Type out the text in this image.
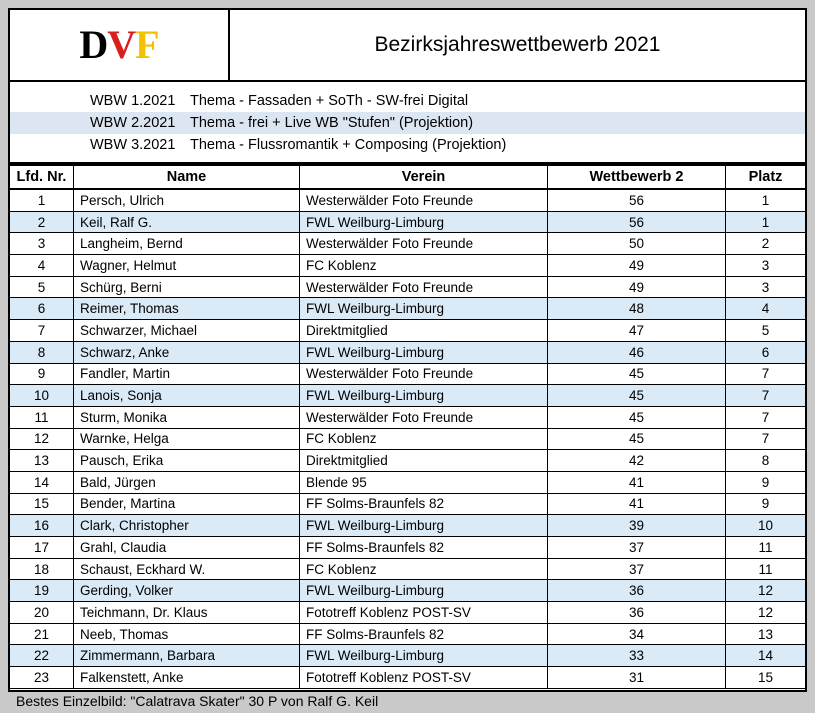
D V F	Bezirksjahreswettbewerb 2021
WBW 1.2021	Thema - Fassaden + SoTh - SW-frei Digital
WBW 2.2021	Thema - frei + Live WB "Stufen" (Projektion)
WBW 3.2021	Thema - Flussromantik + Composing (Projektion)
Lfd. Nr.	Name	Verein	Wettbewerb 2	Platz
1	Persch, Ulrich	Westerwälder Foto Freunde	56	1
2	Keil, Ralf G.	FWL Weilburg-Limburg	56	1
3	Langheim, Bernd	Westerwälder Foto Freunde	50	2
4	Wagner, Helmut	FC Koblenz	49	3
5	Schürg, Berni	Westerwälder Foto Freunde	49	3
6	Reimer, Thomas	FWL Weilburg-Limburg	48	4
7	Schwarzer, Michael	Direktmitglied	47	5
8	Schwarz, Anke	FWL Weilburg-Limburg	46	6
9	Fandler, Martin	Westerwälder Foto Freunde	45	7
10	Lanois, Sonja	FWL Weilburg-Limburg	45	7
11	Sturm, Monika	Westerwälder Foto Freunde	45	7
12	Warnke, Helga	FC Koblenz	45	7
13	Pausch, Erika	Direktmitglied	42	8
14	Bald, Jürgen	Blende 95	41	9
15	Bender, Martina	FF Solms-Braunfels 82	41	9
16	Clark, Christopher	FWL Weilburg-Limburg	39	10
17	Grahl, Claudia	FF Solms-Braunfels 82	37	11
18	Schaust, Eckhard W.	FC Koblenz	37	11
19	Gerding, Volker	FWL Weilburg-Limburg	36	12
20	Teichmann, Dr. Klaus	Fototreff Koblenz POST-SV	36	12
21	Neeb, Thomas	FF Solms-Braunfels 82	34	13
22	Zimmermann, Barbara	FWL Weilburg-Limburg	33	14
23	Falkenstett, Anke	Fototreff Koblenz POST-SV	31	15
Bestes Einzelbild: "Calatrava Skater" 30 P von Ralf G. Keil
